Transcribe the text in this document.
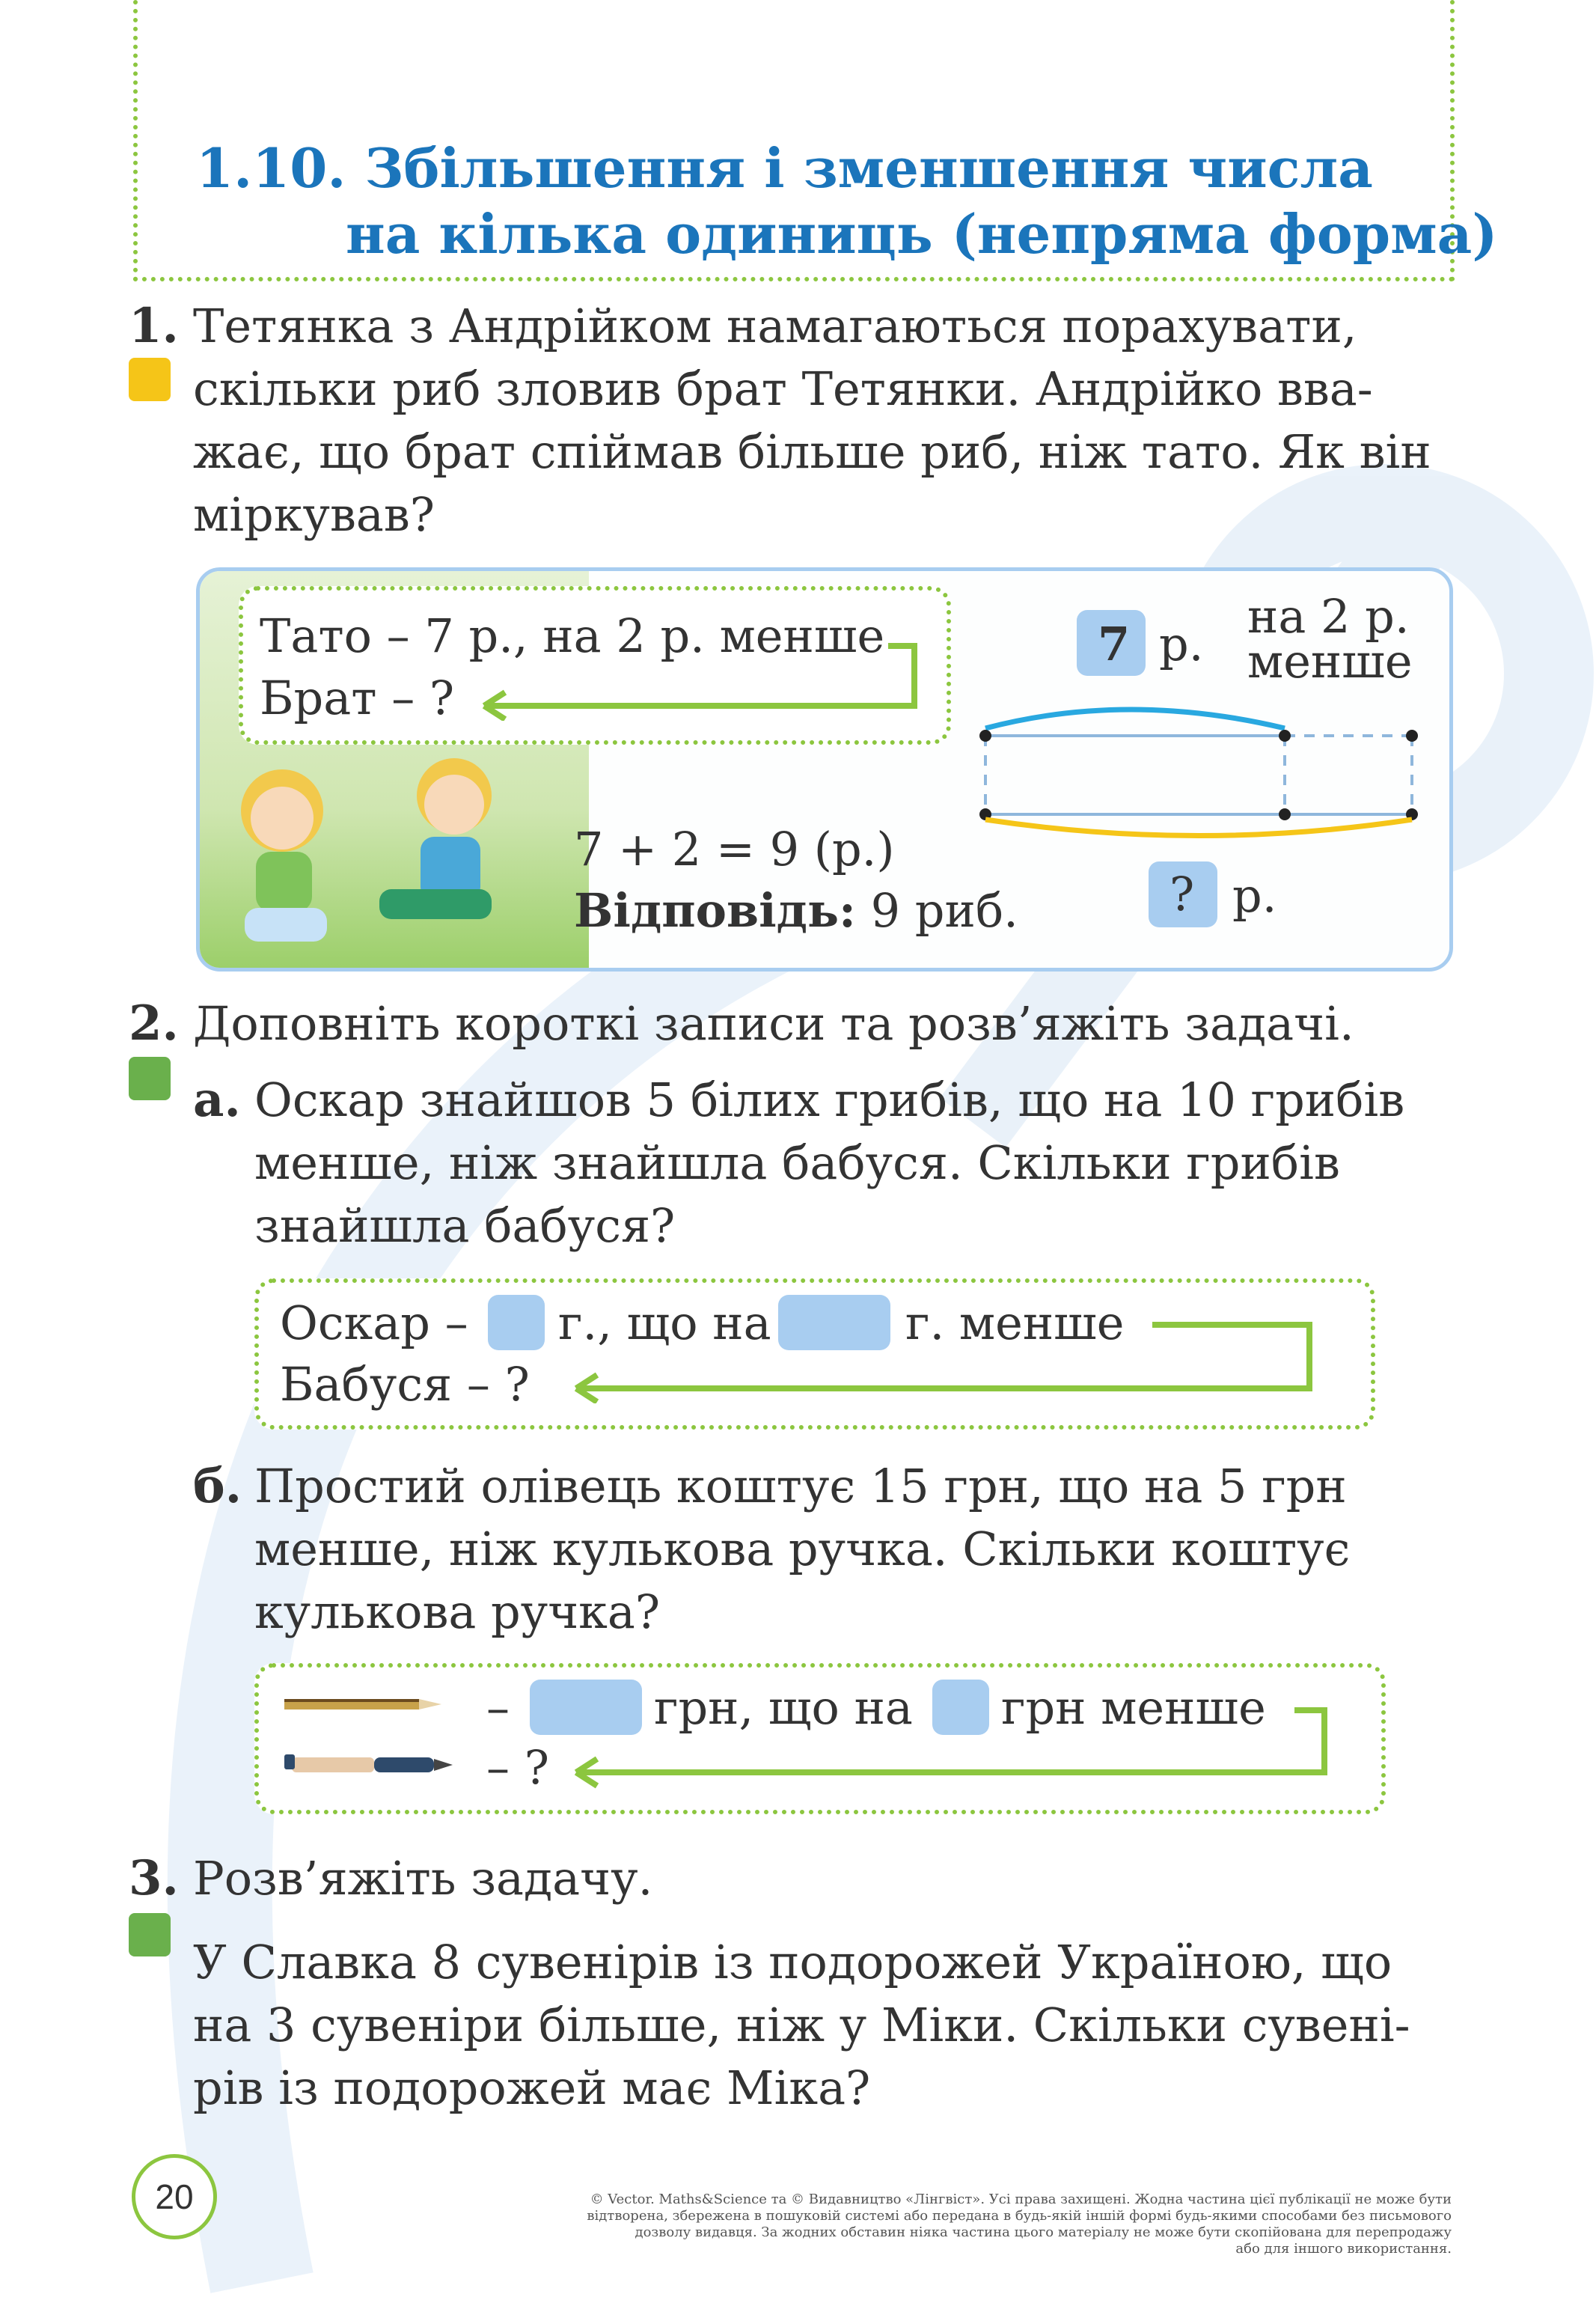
1.10. Збільшення і зменшення числа
на кілька одиниць (непряма форма)
1. Тетянка з Андрійком намагаються порахувати,
скільки риб зловив брат Тетянки. Андрійко вва-
жає, що брат спіймав більше риб, ніж тато. Як він
міркував?
Тато – 7 р., на 2 р. менше
Брат – ?
7 р.
на 2 р.
менше
? р.
7 + 2 = 9 (р.)
Відповідь: 9 риб.
2. Доповніть короткі записи та розв’яжіть задачі.
а. Оскар знайшов 5 білих грибів, що на 10 грибів
менше, ніж знайшла бабуся. Скільки грибів
знайшла бабуся?
Оскар – г., що на	г. менше
Бабуся – ?
б. Простий олівець коштує 15 грн, що на 5 грн
менше, ніж кулькова ручка. Скільки коштує
кулькова ручка?
–	грн, що на грн менше
– ?
3. Розв’яжіть задачу.
У Славка 8 сувенірів із подорожей Україною, що
на 3 сувеніри більше, ніж у Міки. Скільки сувені-
рів із подорожей має Міка?
20	© Vector. Maths&Science та © Видавництво «Лінгвіст». Усі права захищені. Жодна частина цієї публікації не може бути
відтворена, збережена в пошуковій системі або передана в будь-якій іншій формі будь-якими способами без письмового
дозволу видавця. За жодних обставин ніяка частина цього матеріалу не може бути скопійована для перепродажу
або для іншого використання.
